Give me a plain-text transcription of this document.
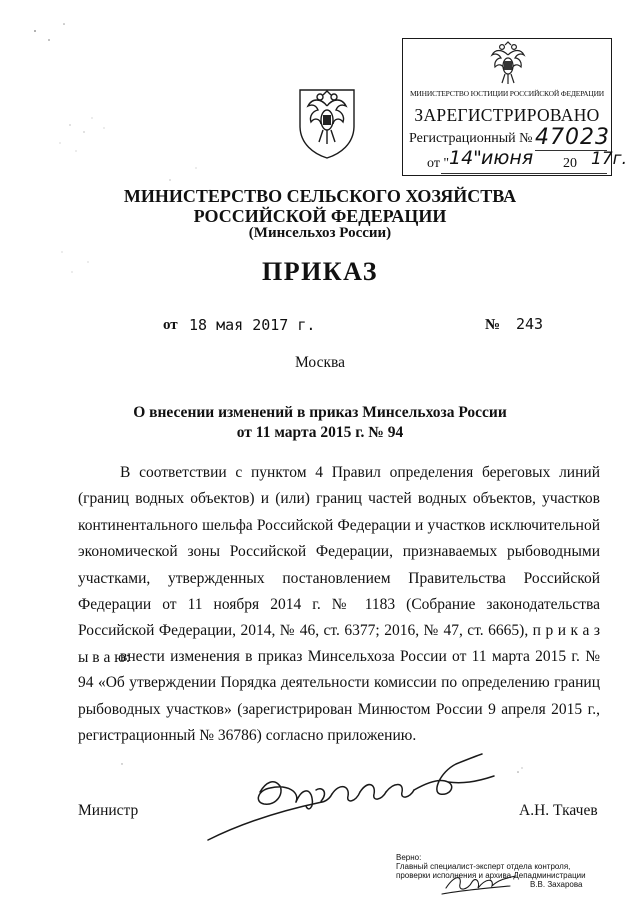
МИНИСТЕРСТВО ЮСТИЦИИ РОССИЙСКОЙ ФЕДЕРАЦИИ
ЗАРЕГИСТРИРОВАНО
Регистрационный № 47023
от " 14" июня 20 17г.
МИНИСТЕРСТВО СЕЛЬСКОГО ХОЗЯЙСТВА
РОССИЙСКОЙ ФЕДЕРАЦИИ
(Минсельхоз России)
ПРИКАЗ
от 18 мая 2017 г.	№ 243
Москва
О внесении изменений в приказ Минсельхоза России
от 11 марта 2015 г. № 94
В соответствии с пунктом 4 Правил определения береговых линий (границ водных объектов) и (или) границ частей водных объектов, участков континентального шельфа Российской Федерации и участков исключительной экономической зоны Российской Федерации, признаваемых рыбоводными участками, утвержденных постановлением Правительства Российской Федерации от 11 ноября 2014 г. № 1183 (Собрание законодательства Российской Федерации, 2014, № 46, ст. 6377; 2016, № 47, ст. 6665), п р и к а з ы в а ю:
внести изменения в приказ Минсельхоза России от 11 марта 2015 г. № 94 «Об утверждении Порядка деятельности комиссии по определению границ рыбоводных участков» (зарегистрирован Минюстом России 9 апреля 2015 г., регистрационный № 36786) согласно приложению.
Министр	А.Н. Ткачев
Верно:
Главный специалист-эксперт отдела контроля,
проверки исполнения и архива Депадминистрации
В.В. Захарова
